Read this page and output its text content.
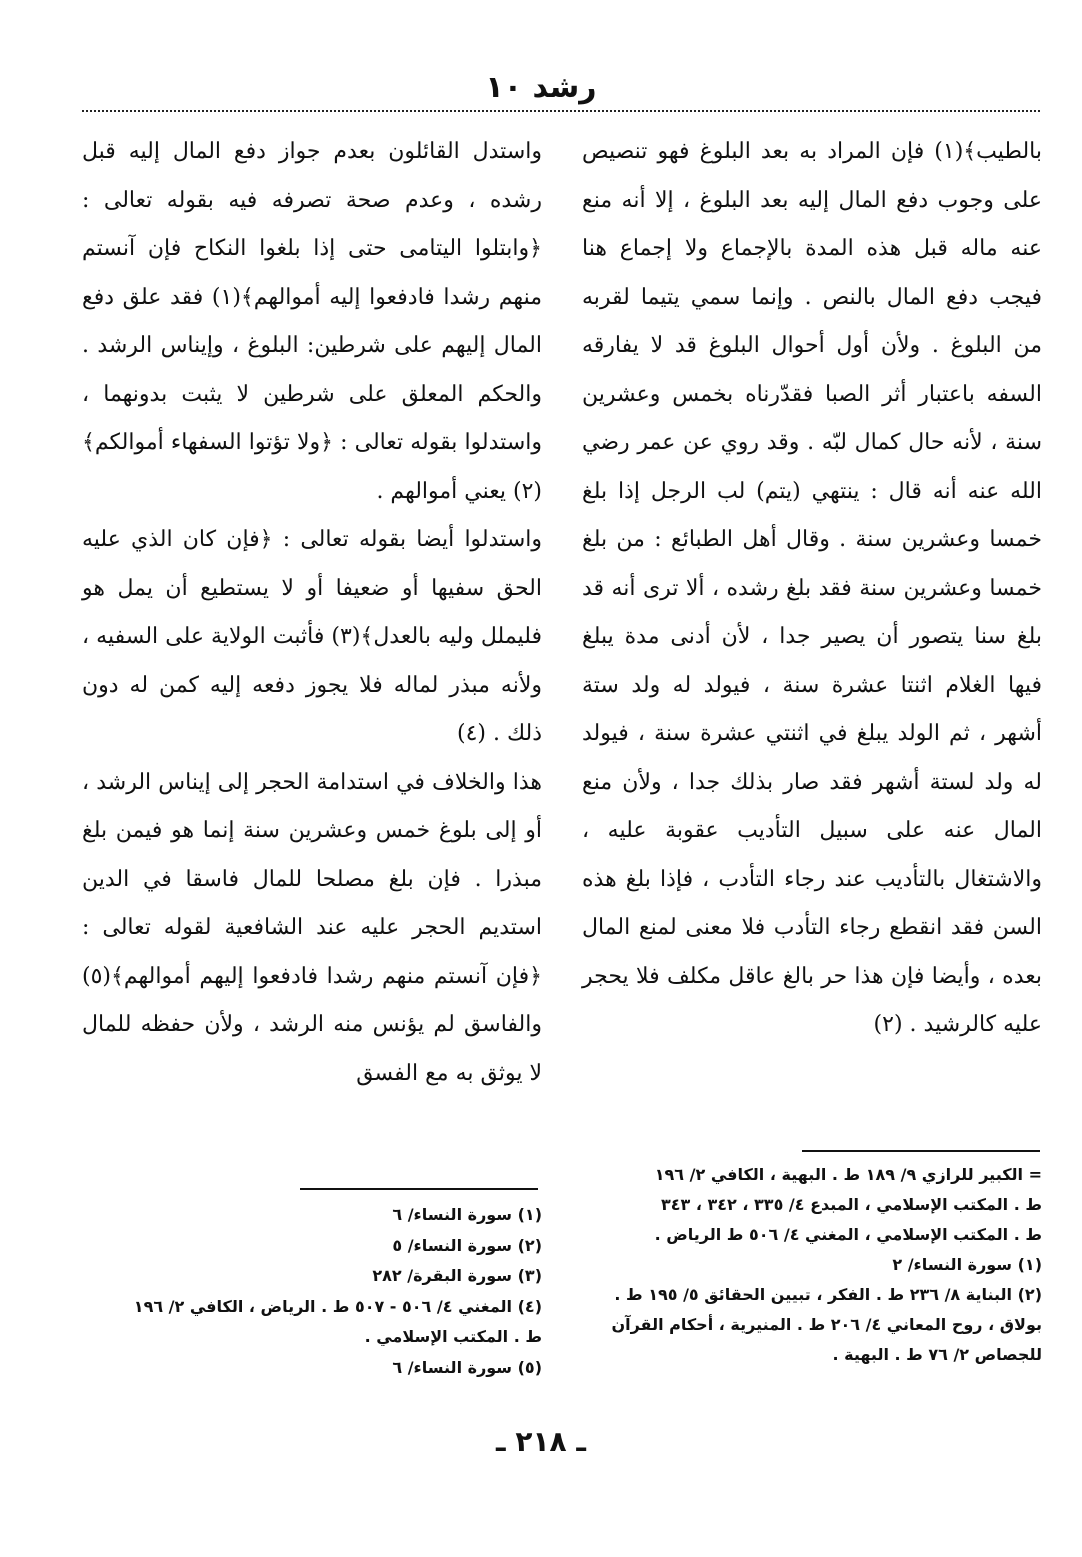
رشد ١٠

بالطيب﴾(١) فإن المراد به بعد البلوغ فهو تنصيص على وجوب دفع المال إليه بعد البلوغ ، إلا أنه منع عنه ماله قبل هذه المدة بالإجماع ولا إجماع هنا فيجب دفع المال بالنص . وإنما سمي يتيما لقربه من البلوغ . ولأن أول أحوال البلوغ قد لا يفارقه السفه باعتبار أثر الصبا فقدّرناه بخمس وعشرين سنة ، لأنه حال كمال لبّه . وقد روي عن عمر رضي الله عنه أنه قال : ينتهي (يتم) لب الرجل إذا بلغ خمسا وعشرين سنة . وقال أهل الطبائع : من بلغ خمسا وعشرين سنة فقد بلغ رشده ، ألا ترى أنه قد بلغ سنا يتصور أن يصير جدا ، لأن أدنى مدة يبلغ فيها الغلام اثنتا عشرة سنة ، فيولد له ولد ستة أشهر ، ثم الولد يبلغ في اثنتي عشرة سنة ، فيولد له ولد لستة أشهر فقد صار بذلك جدا ، ولأن منع المال عنه على سبيل التأديب عقوبة عليه ، والاشتغال بالتأديب عند رجاء التأدب ، فإذا بلغ هذه السن فقد انقطع رجاء التأدب فلا معنى لمنع المال بعده ، وأيضا فإن هذا حر بالغ عاقل مكلف فلا يحجر عليه كالرشيد . (٢)

واستدل القائلون بعدم جواز دفع المال إليه قبل رشده ، وعدم صحة تصرفه فيه بقوله تعالى : ﴿وابتلوا اليتامى حتى إذا بلغوا النكاح فإن آنستم منهم رشدا فادفعوا إليه أموالهم﴾(١) فقد علق دفع المال إليهم على شرطين: البلوغ ، وإيناس الرشد . والحكم المعلق على شرطين لا يثبت بدونهما ، واستدلوا بقوله تعالى : ﴿ولا تؤتوا السفهاء أموالكم﴾(٢) يعني أموالهم .

واستدلوا أيضا بقوله تعالى : ﴿فإن كان الذي عليه الحق سفيها أو ضعيفا أو لا يستطيع أن يمل هو فليملل وليه بالعدل﴾(٣) فأثبت الولاية على السفيه ، ولأنه مبذر لماله فلا يجوز دفعه إليه كمن له دون ذلك . (٤)

هذا والخلاف في استدامة الحجر إلى إيناس الرشد ، أو إلى بلوغ خمس وعشرين سنة إنما هو فيمن بلغ مبذرا . فإن بلغ مصلحا للمال فاسقا في الدين استديم الحجر عليه عند الشافعية لقوله تعالى : ﴿فإن آنستم منهم رشدا فادفعوا إليهم أموالهم﴾(٥) والفاسق لم يؤنس منه الرشد ، ولأن حفظه للمال لا يوثق به مع الفسق

= الكبير للرازي ٩/ ١٨٩ ط . البهية ، الكافي ٢/ ١٩٦

ط . المكتب الإسلامي ، المبدع ٤/ ٣٣٥ ، ٣٤٢ ، ٣٤٣

ط . المكتب الإسلامي ، المغني ٤/ ٥٠٦ ط الرياض .

(١) سورة النساء/ ٢

(٢) البناية ٨/ ٢٣٦ ط . الفكر ، تبيين الحقائق ٥/ ١٩٥ ط .

بولاق ، روح المعاني ٤/ ٢٠٦ ط . المنيرية ، أحكام القرآن

للجصاص ٢/ ٧٦ ط . البهية .

(١) سورة النساء/ ٦

(٢) سورة النساء/ ٥

(٣) سورة البقرة/ ٢٨٢

(٤) المغني ٤/ ٥٠٦ - ٥٠٧ ط . الرياض ، الكافي ٢/ ١٩٦

ط . المكتب الإسلامي .

(٥) سورة النساء/ ٦

ـ ٢١٨ ـ
